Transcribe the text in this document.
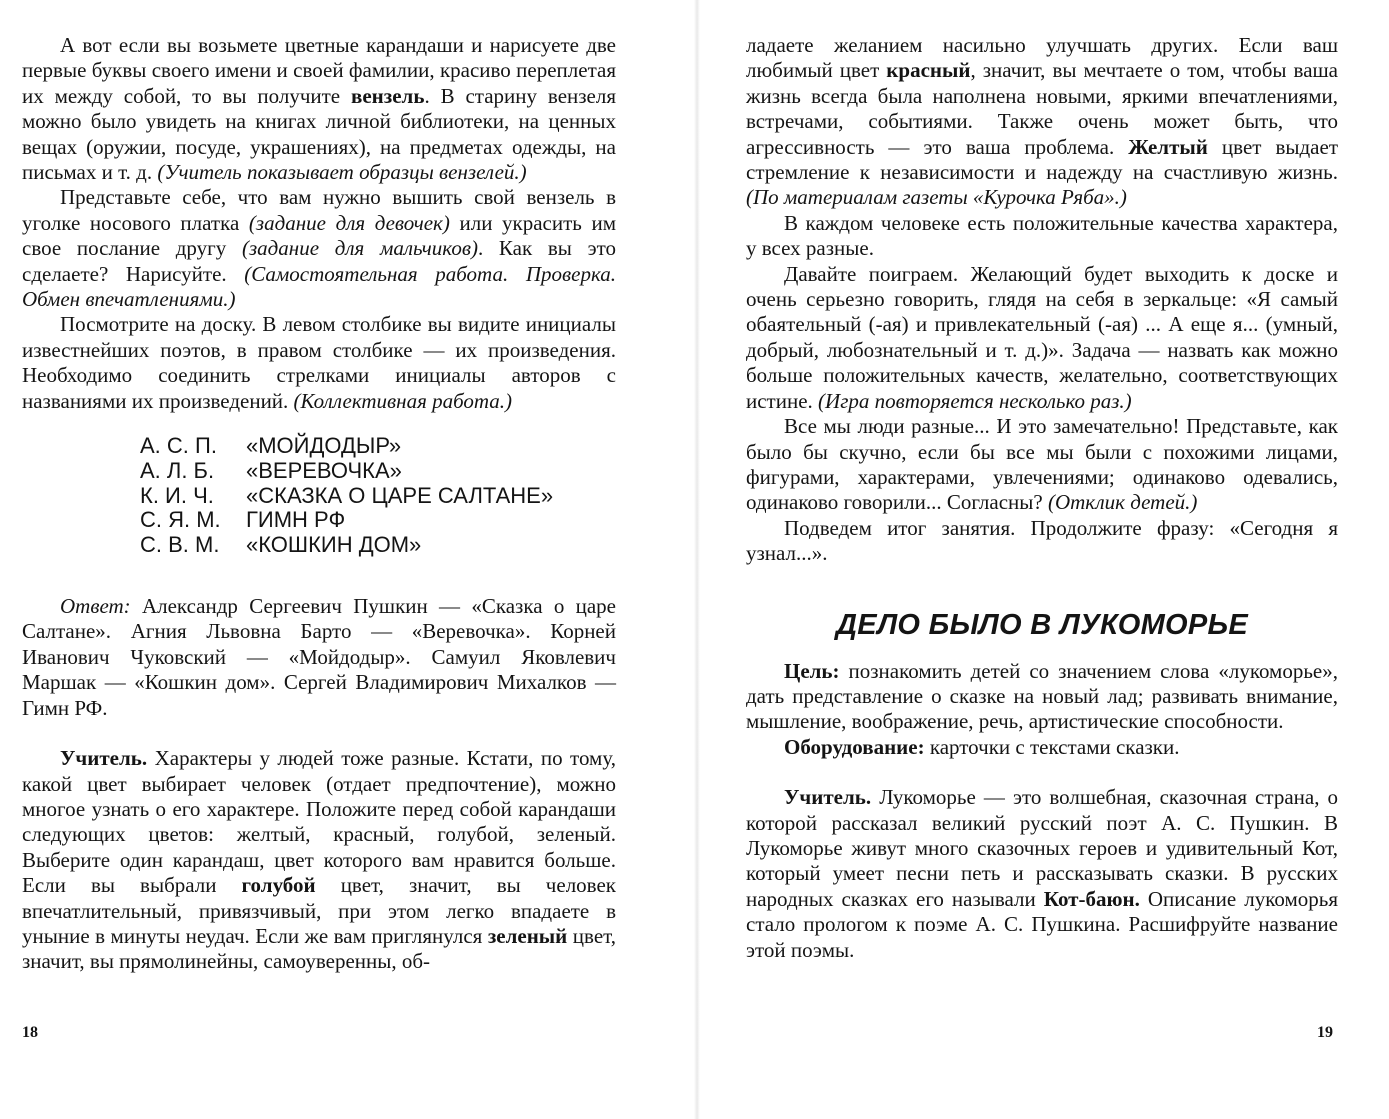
А вот если вы возьмете цветные карандаши и нарисуете две первые буквы своего имени и своей фамилии, красиво переплетая их между собой, то вы получите вензель. В старину вензеля можно было увидеть на книгах личной библиотеки, на ценных вещах (оружии, посуде, украшениях), на предметах одежды, на письмах и т. д. (Учитель показывает образцы вензелей.)

Представьте себе, что вам нужно вышить свой вензель в уголке носового платка (задание для девочек) или украсить им свое послание другу (задание для мальчиков). Как вы это сделаете? Нарисуйте. (Самостоятельная работа. Проверка. Обмен впечатлениями.)

Посмотрите на доску. В левом столбике вы видите инициалы известнейших поэтов, в правом столбике — их произведения. Необходимо соединить стрелками инициалы авторов с названиями их произведений. (Коллективная работа.)

А. С. П.	«МОЙДОДЫР»
А. Л. Б.	«ВЕРЕВОЧКА»
К. И. Ч.	«СКАЗКА О ЦАРЕ САЛТАНЕ»
С. Я. М.	ГИМН РФ
С. В. М.	«КОШКИН ДОМ»

Ответ: Александр Сергеевич Пушкин — «Сказка о царе Салтане». Агния Львовна Барто — «Веревочка». Корней Иванович Чуковский — «Мойдодыр». Самуил Яковлевич Маршак — «Кошкин дом». Сергей Владимирович Михалков — Гимн РФ.

Учитель. Характеры у людей тоже разные. Кстати, по тому, какой цвет выбирает человек (отдает предпочтение), можно многое узнать о его характере. Положите перед собой карандаши следующих цветов: желтый, красный, голубой, зеленый. Выберите один карандаш, цвет которого вам нравится больше. Если вы выбрали голубой цвет, значит, вы человек впечатлительный, привязчивый, при этом легко впадаете в уныние в минуты неудач. Если же вам приглянулся зеленый цвет, значит, вы прямолинейны, самоуверенны, об-

18

ладаете желанием насильно улучшать других. Если ваш любимый цвет красный, значит, вы мечтаете о том, чтобы ваша жизнь всегда была наполнена новыми, яркими впечатлениями, встречами, событиями. Также очень может быть, что агрессивность — это ваша проблема. Желтый цвет выдает стремление к независимости и надежду на счастливую жизнь. (По материалам газеты «Курочка Ряба».)

В каждом человеке есть положительные качества характера, у всех разные.

Давайте поиграем. Желающий будет выходить к доске и очень серьезно говорить, глядя на себя в зеркальце: «Я самый обаятельный (-ая) и привлекательный (-ая) ... А еще я... (умный, добрый, любознательный и т. д.)». Задача — назвать как можно больше положительных качеств, желательно, соответствующих истине. (Игра повторяется несколько раз.)

Все мы люди разные... И это замечательно! Представьте, как было бы скучно, если бы все мы были с похожими лицами, фигурами, характерами, увлечениями; одинаково одевались, одинаково говорили... Согласны? (Отклик детей.)

Подведем итог занятия. Продолжите фразу: «Сегодня я узнал...».

ДЕЛО БЫЛО В ЛУКОМОРЬЕ

Цель: познакомить детей со значением слова «лукоморье», дать представление о сказке на новый лад; развивать внимание, мышление, воображение, речь, артистические способности.

Оборудование: карточки с текстами сказки.

Учитель. Лукоморье — это волшебная, сказочная страна, о которой рассказал великий русский поэт А. С. Пушкин. В Лукоморье живут много сказочных героев и удивительный Кот, который умеет песни петь и рассказывать сказки. В русских народных сказках его называли Кот-баюн. Описание лукоморья стало прологом к поэме А. С. Пушкина. Расшифруйте название этой поэмы.

19
